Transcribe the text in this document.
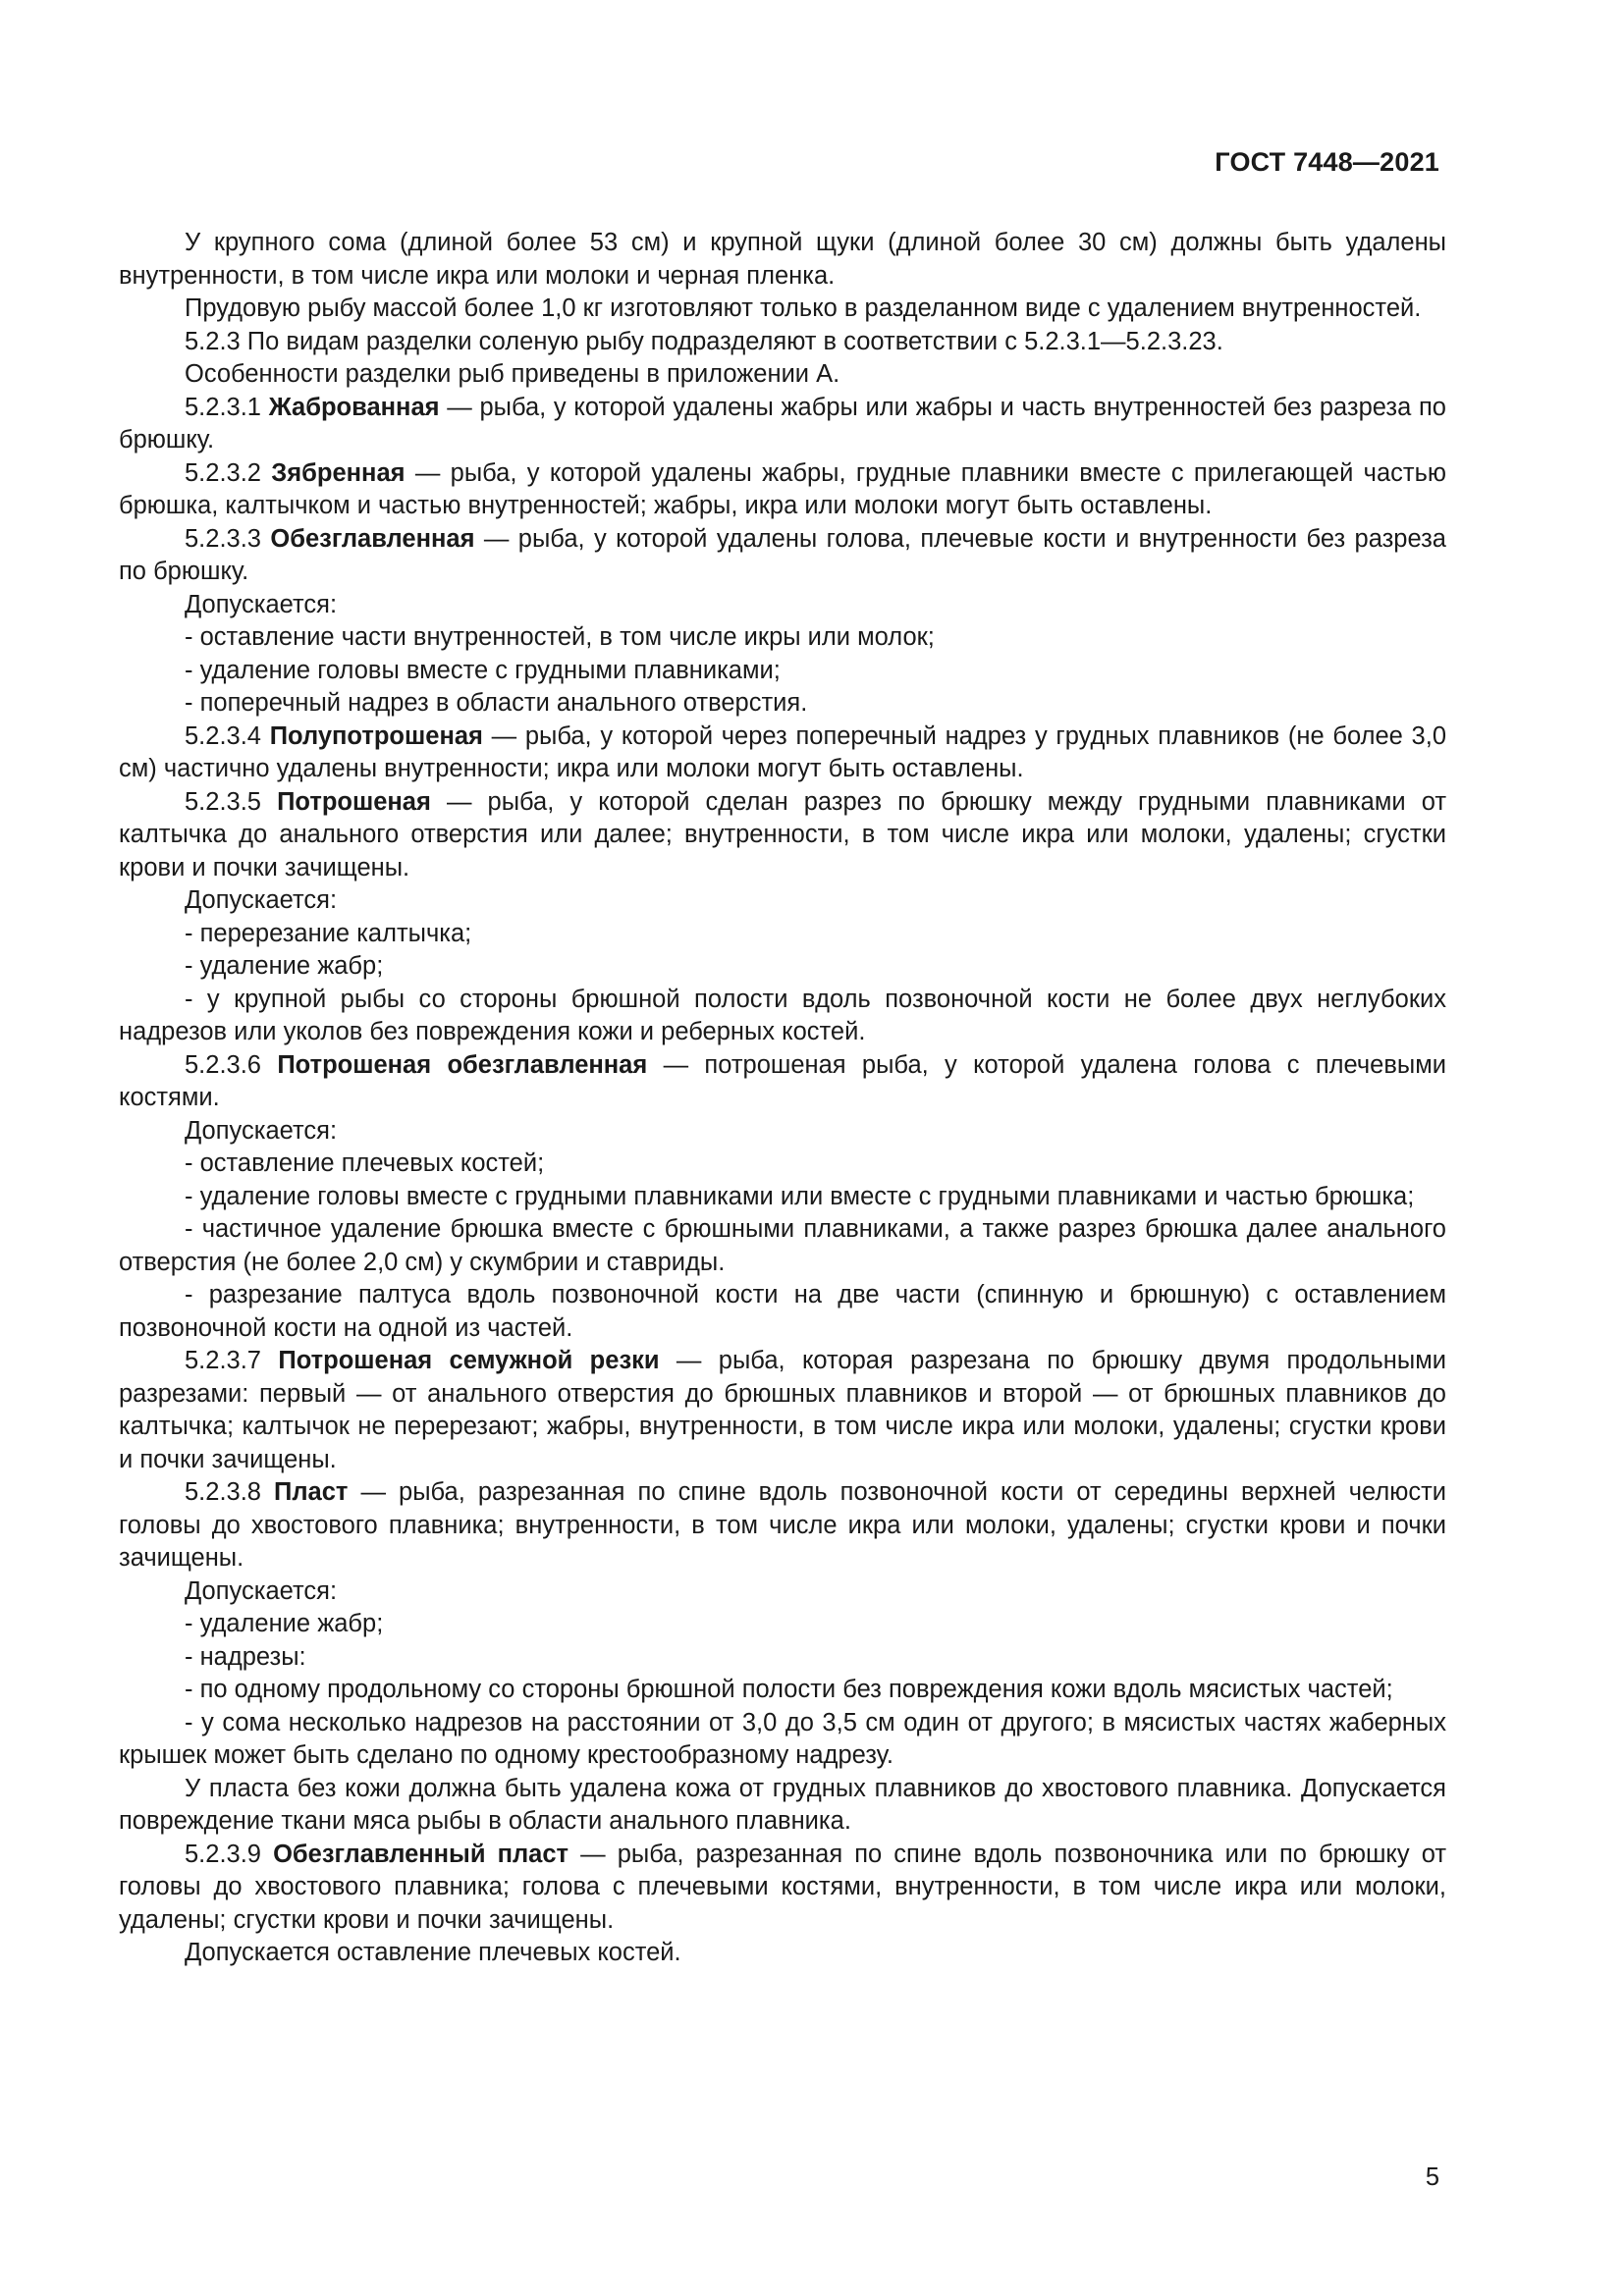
ГОСТ 7448—2021

У крупного сома (длиной более 53 см) и крупной щуки (длиной более 30 см) должны быть удалены внутренности, в том числе икра или молоки и черная пленка.

Прудовую рыбу массой более 1,0 кг изготовляют только в разделанном виде с удалением внутренностей.

5.2.3 По видам разделки соленую рыбу подразделяют в соответствии с 5.2.3.1—5.2.3.23.

Особенности разделки рыб приведены в приложении А.

5.2.3.1 Жаброванная — рыба, у которой удалены жабры или жабры и часть внутренностей без разреза по брюшку.

5.2.3.2 Зябренная — рыба, у которой удалены жабры, грудные плавники вместе с прилегающей частью брюшка, калтычком и частью внутренностей; жабры, икра или молоки могут быть оставлены.

5.2.3.3 Обезглавленная — рыба, у которой удалены голова, плечевые кости и внутренности без разреза по брюшку.

Допускается:

- оставление части внутренностей, в том числе икры или молок;

- удаление головы вместе с грудными плавниками;

- поперечный надрез в области анального отверстия.

5.2.3.4 Полупотрошеная — рыба, у которой через поперечный надрез у грудных плавников (не более 3,0 см) частично удалены внутренности; икра или молоки могут быть оставлены.

5.2.3.5 Потрошеная — рыба, у которой сделан разрез по брюшку между грудными плавниками от калтычка до анального отверстия или далее; внутренности, в том числе икра или молоки, удалены; сгустки крови и почки зачищены.

Допускается:

- перерезание калтычка;

- удаление жабр;

- у крупной рыбы со стороны брюшной полости вдоль позвоночной кости не более двух неглубоких надрезов или уколов без повреждения кожи и реберных костей.

5.2.3.6 Потрошеная обезглавленная — потрошеная рыба, у которой удалена голова с плечевыми костями.

Допускается:

- оставление плечевых костей;

- удаление головы вместе с грудными плавниками или вместе с грудными плавниками и частью брюшка;

- частичное удаление брюшка вместе с брюшными плавниками, а также разрез брюшка далее анального отверстия (не более 2,0 см) у скумбрии и ставриды.

- разрезание палтуса вдоль позвоночной кости на две части (спинную и брюшную) с оставлением позвоночной кости на одной из частей.

5.2.3.7 Потрошеная семужной резки — рыба, которая разрезана по брюшку двумя продольными разрезами: первый — от анального отверстия до брюшных плавников и второй — от брюшных плавников до калтычка; калтычок не перерезают; жабры, внутренности, в том числе икра или молоки, удалены; сгустки крови и почки зачищены.

5.2.3.8 Пласт — рыба, разрезанная по спине вдоль позвоночной кости от середины верхней челюсти головы до хвостового плавника; внутренности, в том числе икра или молоки, удалены; сгустки крови и почки зачищены.

Допускается:

- удаление жабр;

- надрезы:

- по одному продольному со стороны брюшной полости без повреждения кожи вдоль мясистых частей;

- у сома несколько надрезов на расстоянии от 3,0 до 3,5 см один от другого; в мясистых частях жаберных крышек может быть сделано по одному крестообразному надрезу.

У пласта без кожи должна быть удалена кожа от грудных плавников до хвостового плавника. Допускается повреждение ткани мяса рыбы в области анального плавника.

5.2.3.9 Обезглавленный пласт — рыба, разрезанная по спине вдоль позвоночника или по брюшку от головы до хвостового плавника; голова с плечевыми костями, внутренности, в том числе икра или молоки, удалены; сгустки крови и почки зачищены.

Допускается оставление плечевых костей.

5
